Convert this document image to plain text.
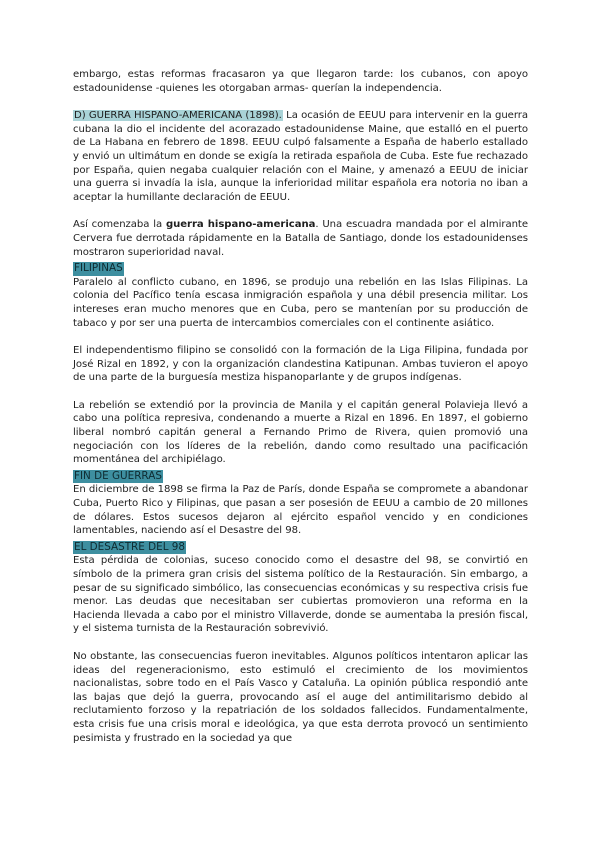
embargo, estas reformas fracasaron ya que llegaron tarde: los cubanos, con apoyo estadounidense -quienes les otorgaban armas- querían la independencia.

D) GUERRA HISPANO-AMERICANA (1898). La ocasión de EEUU para intervenir en la guerra cubana la dio el incidente del acorazado estadounidense Maine, que estalló en el puerto de La Habana en febrero de 1898. EEUU culpó falsamente a España de haberlo estallado y envió un ultimátum en donde se exigía la retirada española de Cuba. Este fue rechazado por España, quien negaba cualquier relación con el Maine, y amenazó a EEUU de iniciar una guerra si invadía la isla, aunque la inferioridad militar española era notoria no iban a aceptar la humillante declaración de EEUU.

Así comenzaba la guerra hispano-americana. Una escuadra mandada por el almirante Cervera fue derrotada rápidamente en la Batalla de Santiago, donde los estadounidenses mostraron superioridad naval.

FILIPINAS

Paralelo al conflicto cubano, en 1896, se produjo una rebelión en las Islas Filipinas. La colonia del Pacífico tenía escasa inmigración española y una débil presencia militar. Los intereses eran mucho menores que en Cuba, pero se mantenían por su producción de tabaco y por ser una puerta de intercambios comerciales con el continente asiático.

El independentismo filipino se consolidó con la formación de la Liga Filipina, fundada por José Rizal en 1892, y con la organización clandestina Katipunan. Ambas tuvieron el apoyo de una parte de la burguesía mestiza hispanoparlante y de grupos indígenas.

La rebelión se extendió por la provincia de Manila y el capitán general Polavieja llevó a cabo una política represiva, condenando a muerte a Rizal en 1896. En 1897, el gobierno liberal nombró capitán general a Fernando Primo de Rivera, quien promovió una negociación con los líderes de la rebelión, dando como resultado una pacificación momentánea del archipiélago.

FIN DE GUERRAS

En diciembre de 1898 se firma la Paz de París, donde España se compromete a abandonar Cuba, Puerto Rico y Filipinas, que pasan a ser posesión de EEUU a cambio de 20 millones de dólares. Estos sucesos dejaron al ejército español vencido y en condiciones lamentables, naciendo así el Desastre del 98.

EL DESASTRE DEL 98

Esta pérdida de colonias, suceso conocido como el desastre del 98, se convirtió en símbolo de la primera gran crisis del sistema político de la Restauración. Sin embargo, a pesar de su significado simbólico, las consecuencias económicas y su respectiva crisis fue menor. Las deudas que necesitaban ser cubiertas promovieron una reforma en la Hacienda llevada a cabo por el ministro Villaverde, donde se aumentaba la presión fiscal, y el sistema turnista de la Restauración sobrevivió.

No obstante, las consecuencias fueron inevitables. Algunos políticos intentaron aplicar las ideas del regeneracionismo, esto estimuló el crecimiento de los movimientos nacionalistas, sobre todo en el País Vasco y Cataluña. La opinión pública respondió ante las bajas que dejó la guerra, provocando así el auge del antimilitarismo debido al reclutamiento forzoso y la repatriación de los soldados fallecidos. Fundamentalmente, esta crisis fue una crisis moral e ideológica, ya que esta derrota provocó un sentimiento pesimista y frustrado en la sociedad ya que
